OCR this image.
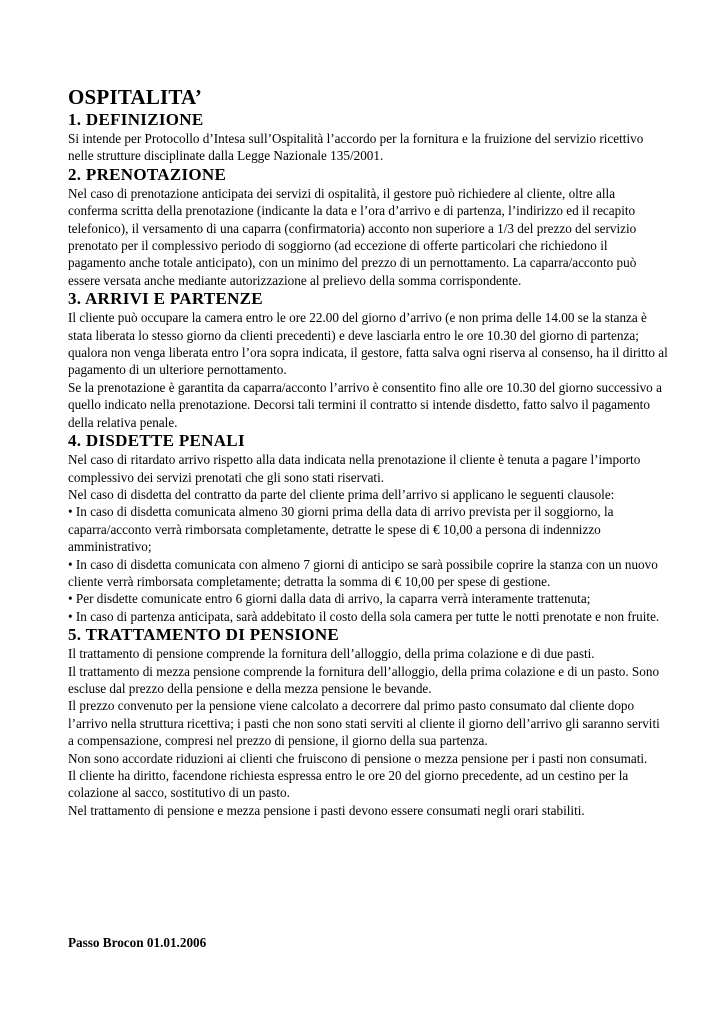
OSPITALITA’
1. DEFINIZIONE

Si intende per Protocollo d’Intesa sull’Ospitalità l’accordo per la fornitura e la fruizione del servizio ricettivo nelle strutture disciplinate dalla Legge Nazionale 135/2001.

2. PRENOTAZIONE

Nel caso di prenotazione anticipata dei servizi di ospitalità, il gestore può richiedere al cliente, oltre alla conferma scritta della prenotazione (indicante la data e l’ora d’arrivo e di partenza, l’indirizzo ed il recapito telefonico), il versamento di una caparra (confirmatoria) acconto non superiore a 1/3 del prezzo del servizio prenotato per il complessivo periodo di soggiorno (ad eccezione di offerte particolari che richiedono il pagamento anche totale anticipato), con un minimo del prezzo di un pernottamento. La caparra/acconto può essere versata anche mediante autorizzazione al prelievo della somma corrispondente.

3. ARRIVI E PARTENZE

Il cliente può occupare la camera entro le ore 22.00 del giorno d’arrivo (e non prima delle 14.00 se la stanza è stata liberata lo stesso giorno da clienti precedenti) e deve lasciarla entro le ore 10.30 del giorno di partenza; qualora non venga liberata entro l’ora sopra indicata, il gestore, fatta salva ogni riserva al consenso, ha il diritto al pagamento di un ulteriore pernottamento.

Se la prenotazione è garantita da caparra/acconto l’arrivo è consentito fino alle ore 10.30 del giorno successivo a quello indicato nella prenotazione. Decorsi tali termini il contratto si intende disdetto, fatto salvo il pagamento della relativa penale.

4. DISDETTE PENALI

Nel caso di ritardato arrivo rispetto alla data indicata nella prenotazione il cliente è tenuta a pagare l’importo complessivo dei servizi prenotati che gli sono stati riservati.

Nel caso di disdetta del contratto da parte del cliente prima dell’arrivo si applicano le seguenti clausole:

• In caso di disdetta comunicata almeno 30 giorni prima della data di arrivo prevista per il soggiorno, la caparra/acconto verrà rimborsata completamente, detratte le spese di € 10,00 a persona di indennizzo amministrativo;

• In caso di disdetta comunicata con almeno 7 giorni di anticipo se sarà possibile coprire la stanza con un nuovo cliente verrà rimborsata completamente; detratta la somma di € 10,00 per spese di gestione.

• Per disdette comunicate entro 6 giorni dalla data di arrivo, la caparra verrà interamente trattenuta;

• In caso di partenza anticipata, sarà addebitato il costo della sola camera per tutte le notti prenotate e non fruite.

5. TRATTAMENTO DI PENSIONE

Il trattamento di pensione comprende la fornitura dell’alloggio, della prima colazione e di due pasti.

Il trattamento di mezza pensione comprende la fornitura dell’alloggio, della prima colazione e di un pasto. Sono escluse dal prezzo della pensione e della mezza pensione le bevande.

Il prezzo convenuto per la pensione viene calcolato a decorrere dal primo pasto consumato dal cliente dopo l’arrivo nella struttura ricettiva; i pasti che non sono stati serviti al cliente il giorno dell’arrivo gli saranno serviti a compensazione, compresi nel prezzo di pensione, il giorno della sua partenza.

Non sono accordate riduzioni ai clienti che fruiscono di pensione o mezza pensione per i pasti non consumati.

Il cliente ha diritto, facendone richiesta espressa entro le ore 20 del giorno precedente, ad un cestino per la colazione al sacco, sostitutivo di un pasto.

Nel trattamento di pensione e mezza pensione i pasti devono essere consumati negli orari stabiliti.

Passo Brocon 01.01.2006
